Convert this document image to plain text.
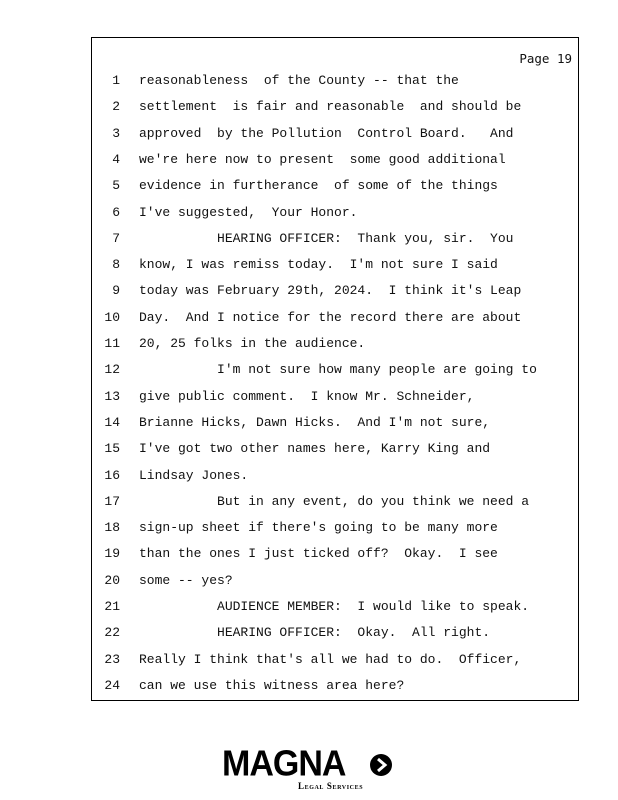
Page 19
1 reasonableness  of the County -- that the
2 settlement  is fair and reasonable  and should be
3 approved  by the Pollution  Control Board.   And
4 we're here now to present  some good additional
5 evidence in furtherance  of some of the things
6 I've suggested,  Your Honor.
7 HEARING OFFICER:  Thank you, sir.  You
8 know, I was remiss today.  I'm not sure I said
9 today was February 29th, 2024.  I think it's Leap
10 Day.  And I notice for the record there are about
11 20, 25 folks in the audience.
12 I'm not sure how many people are going to
13 give public comment.  I know Mr. Schneider,
14 Brianne Hicks, Dawn Hicks.  And I'm not sure,
15 I've got two other names here, Karry King and
16 Lindsay Jones.
17 But in any event, do you think we need a
18 sign-up sheet if there's going to be many more
19 than the ones I just ticked off?  Okay.  I see
20 some -- yes?
21 AUDIENCE MEMBER:  I would like to speak.
22 HEARING OFFICER:  Okay.  All right.
23 Really I think that's all we had to do.  Officer,
24 can we use this witness area here?
MAGNA
Legal Services
